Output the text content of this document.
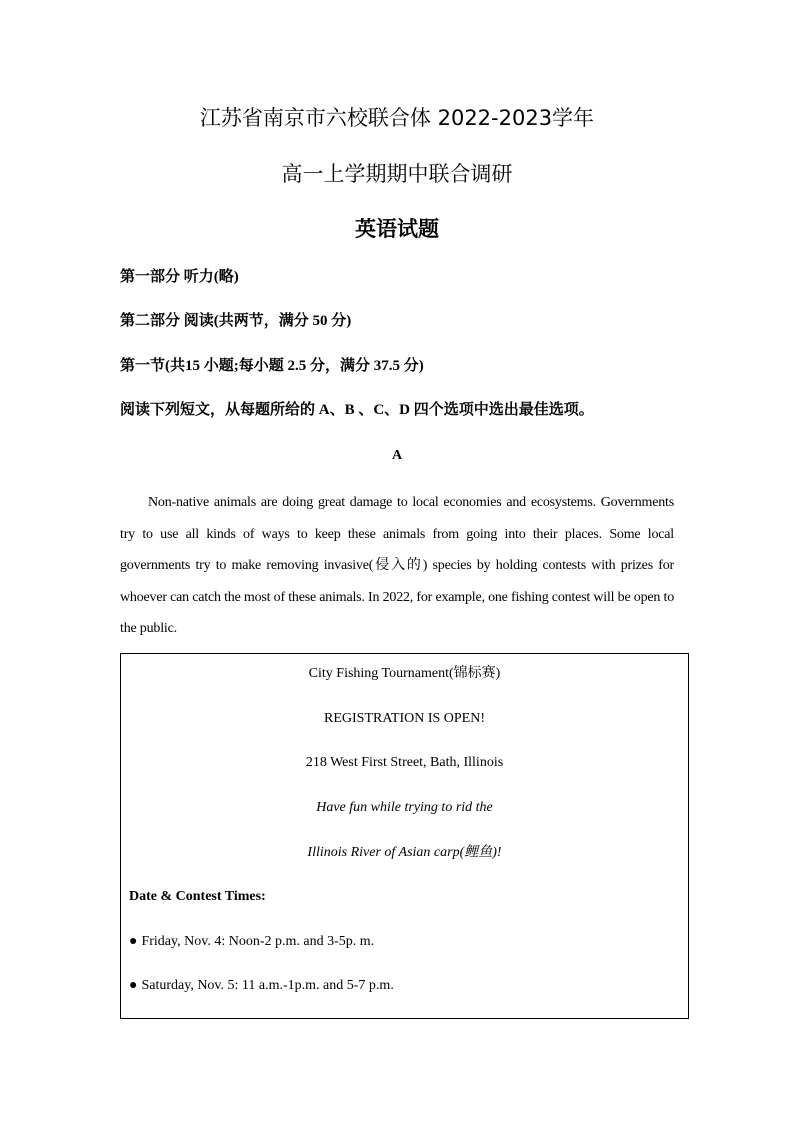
江苏省南京市六校联合体 2022-2023学年
高一上学期期中联合调研
英语试题
第一部分 听力(略)
第二部分 阅读(共两节，满分 50 分)
第一节(共15 小题;每小题 2.5 分，满分 37.5 分)
阅读下列短文，从每题所给的 A、B 、C、D 四个选项中选出最佳选项。
A

Non-native animals are doing great damage to local economies and ecosystems. Governments try to use all kinds of ways to keep these animals from going into their places. Some local governments try to make removing invasive(侵入的) species by holding contests with prizes for whoever can catch the most of these animals. In 2022, for example, one fishing contest will be open to the public.

City Fishing Tournament(锦标赛)
REGISTRATION IS OPEN!
218 West First Street, Bath, Illinois
Have fun while trying to rid the
Illinois River of Asian carp(鲤鱼)!
Date & Contest Times:
● Friday, Nov. 4: Noon-2 p.m. and 3-5p. m.
● Saturday, Nov. 5: 11 a.m.-1p.m. and 5-7 p.m.
